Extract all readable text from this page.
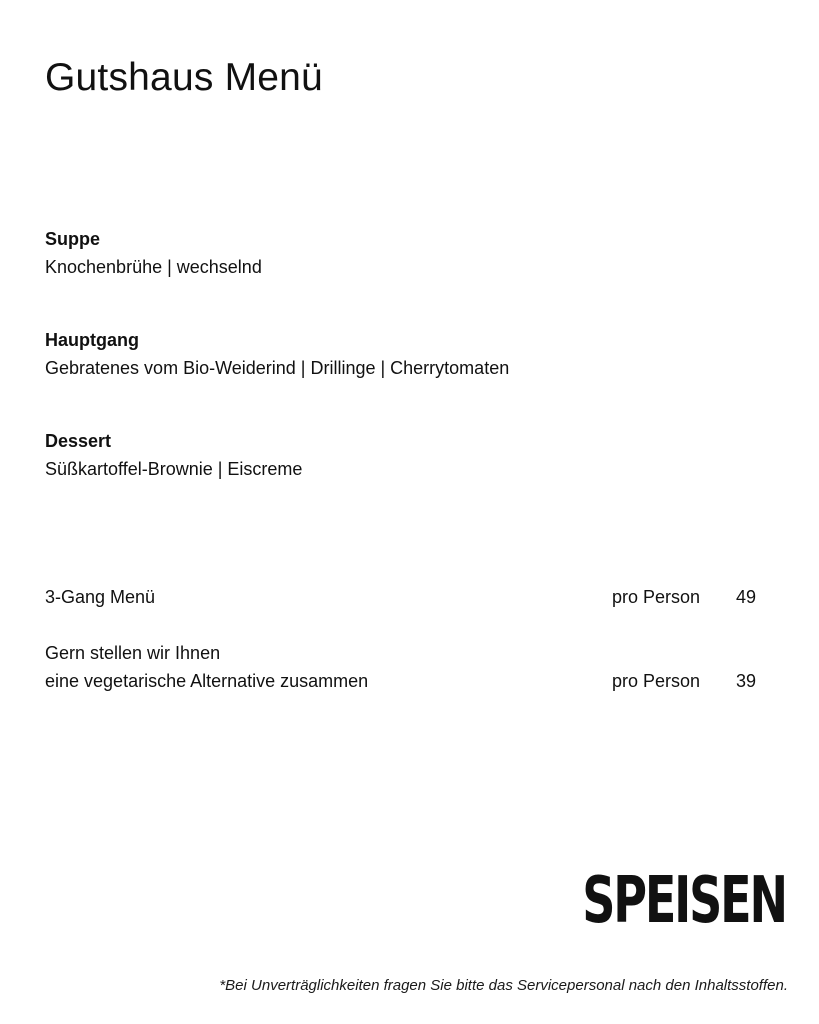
Gutshaus Menü
Suppe
Knochenbrühe | wechselnd
Hauptgang
Gebratenes vom Bio-Weiderind | Drillinge | Cherrytomaten
Dessert
Süßkartoffel-Brownie | Eiscreme
3-Gang Menü	pro Person 49
Gern stellen wir Ihnen
eine vegetarische Alternative zusammen	pro Person 39
SPEISEN
*Bei Unverträglichkeiten fragen Sie bitte das Servicepersonal nach den Inhaltsstoffen.
